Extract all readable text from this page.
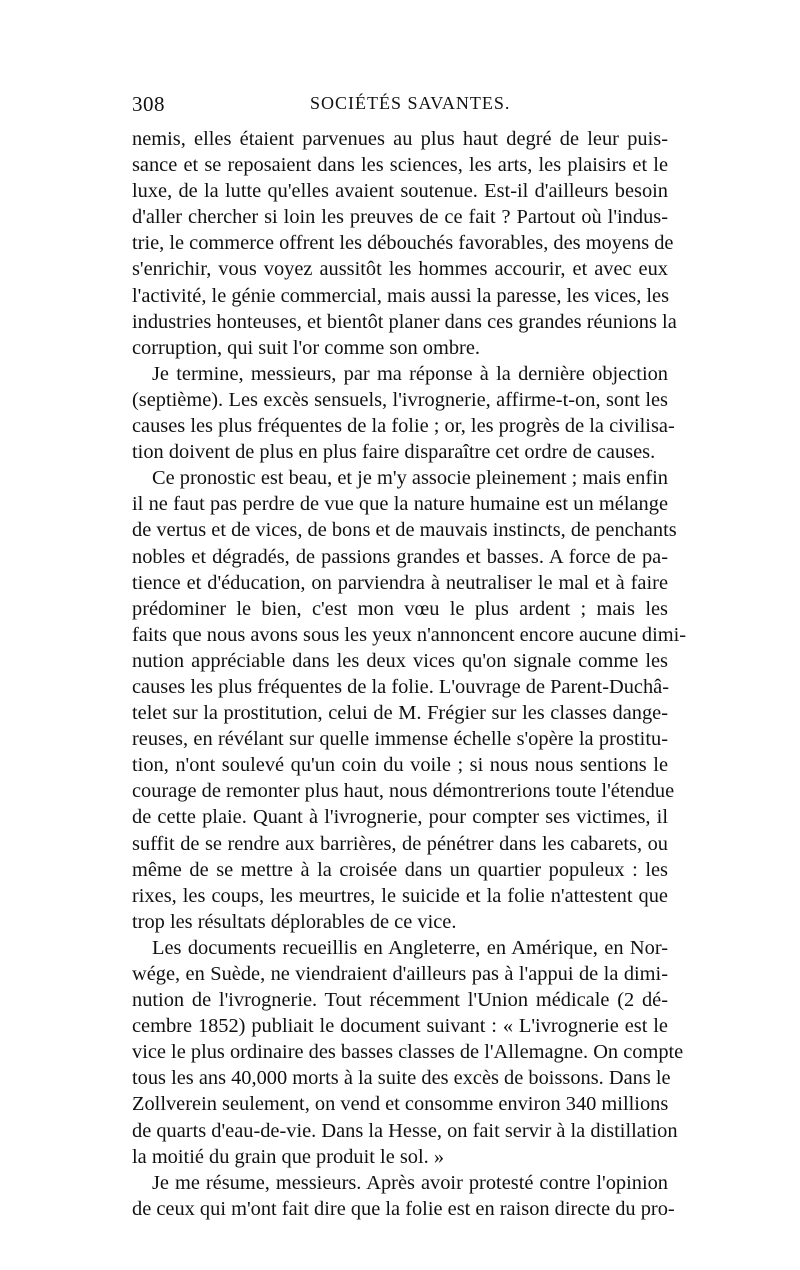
308	SOCIÉTÉS SAVANTES.
nemis, elles étaient parvenues au plus haut degré de leur puis-
sance et se reposaient dans les sciences, les arts, les plaisirs et le
luxe, de la lutte qu'elles avaient soutenue. Est-il d'ailleurs besoin
d'aller chercher si loin les preuves de ce fait ? Partout où l'indus-
trie, le commerce offrent les débouchés favorables, des moyens de
s'enrichir, vous voyez aussitôt les hommes accourir, et avec eux
l'activité, le génie commercial, mais aussi la paresse, les vices, les
industries honteuses, et bientôt planer dans ces grandes réunions la
corruption, qui suit l'or comme son ombre.
Je termine, messieurs, par ma réponse à la dernière objection
(septième). Les excès sensuels, l'ivrognerie, affirme-t-on, sont les
causes les plus fréquentes de la folie ; or, les progrès de la civilisa-
tion doivent de plus en plus faire disparaître cet ordre de causes.
Ce pronostic est beau, et je m'y associe pleinement ; mais enfin
il ne faut pas perdre de vue que la nature humaine est un mélange
de vertus et de vices, de bons et de mauvais instincts, de penchants
nobles et dégradés, de passions grandes et basses. A force de pa-
tience et d'éducation, on parviendra à neutraliser le mal et à faire
prédominer le bien, c'est mon vœu le plus ardent ; mais les
faits que nous avons sous les yeux n'annoncent encore aucune dimi-
nution appréciable dans les deux vices qu'on signale comme les
causes les plus fréquentes de la folie. L'ouvrage de Parent-Duchâ-
telet sur la prostitution, celui de M. Frégier sur les classes dange-
reuses, en révélant sur quelle immense échelle s'opère la prostitu-
tion, n'ont soulevé qu'un coin du voile ; si nous nous sentions le
courage de remonter plus haut, nous démontrerions toute l'étendue
de cette plaie. Quant à l'ivrognerie, pour compter ses victimes, il
suffit de se rendre aux barrières, de pénétrer dans les cabarets, ou
même de se mettre à la croisée dans un quartier populeux : les
rixes, les coups, les meurtres, le suicide et la folie n'attestent que
trop les résultats déplorables de ce vice.
Les documents recueillis en Angleterre, en Amérique, en Nor-
wége, en Suède, ne viendraient d'ailleurs pas à l'appui de la dimi-
nution de l'ivrognerie. Tout récemment l'Union médicale (2 dé-
cembre 1852) publiait le document suivant : « L'ivrognerie est le
vice le plus ordinaire des basses classes de l'Allemagne. On compte
tous les ans 40,000 morts à la suite des excès de boissons. Dans le
Zollverein seulement, on vend et consomme environ 340 millions
de quarts d'eau-de-vie. Dans la Hesse, on fait servir à la distillation
la moitié du grain que produit le sol. »
Je me résume, messieurs. Après avoir protesté contre l'opinion
de ceux qui m'ont fait dire que la folie est en raison directe du pro-
